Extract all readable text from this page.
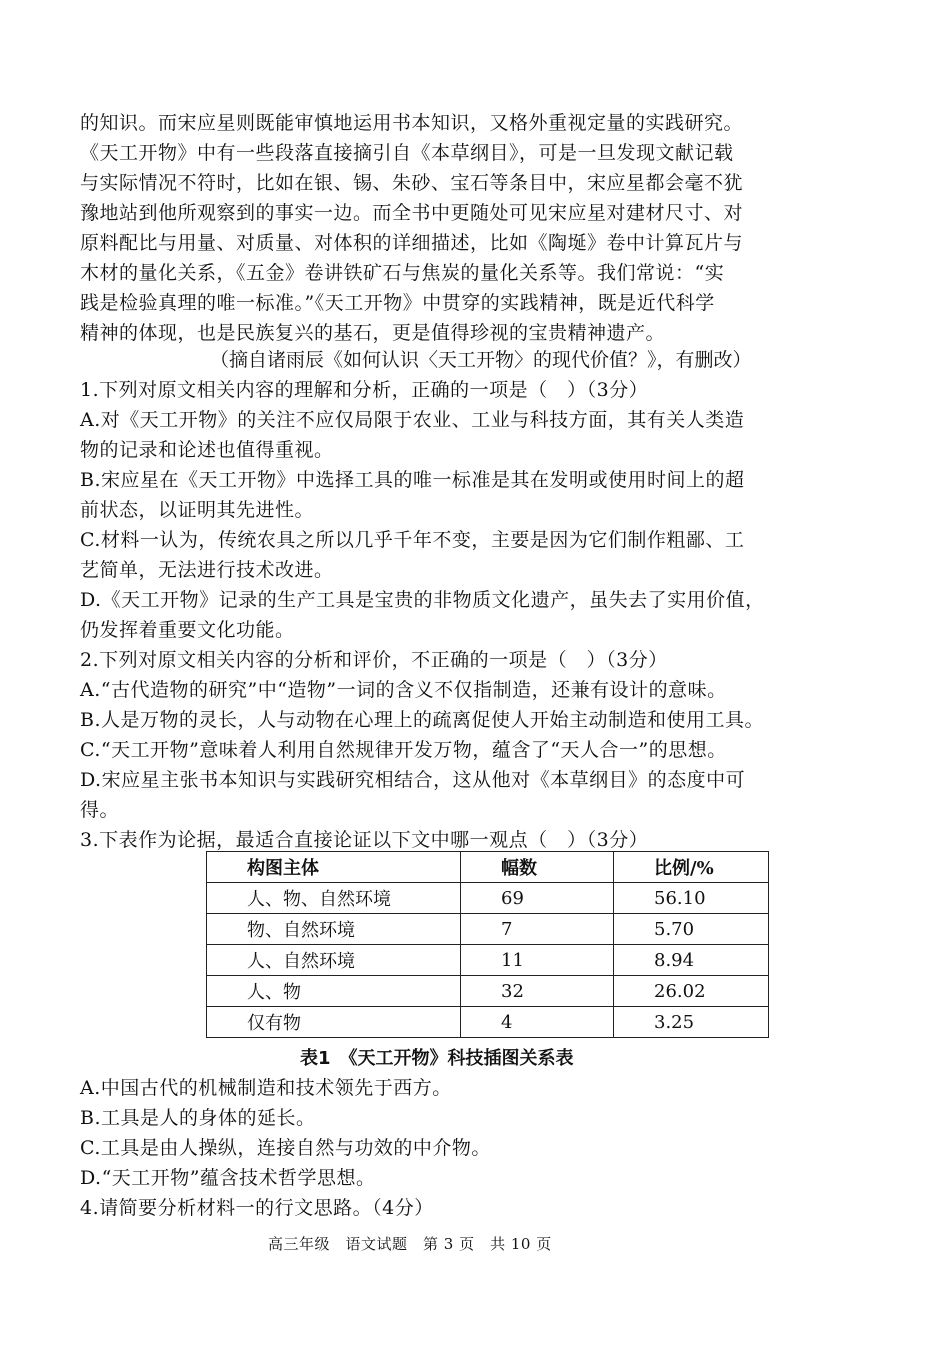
的知识。而宋应星则既能审慎地运用书本知识，又格外重视定量的实践研究。
《天工开物》中有一些段落直接摘引自《本草纲目》，可是一旦发现文献记载
与实际情况不符时，比如在银、锡、朱砂、宝石等条目中，宋应星都会毫不犹
豫地站到他所观察到的事实一边。而全书中更随处可见宋应星对建材尺寸、对
原料配比与用量、对质量、对体积的详细描述，比如《陶埏》卷中计算瓦片与
木材的量化关系，《五金》卷讲铁矿石与焦炭的量化关系等。我们常说：“实
践是检验真理的唯一标准。”《天工开物》中贯穿的实践精神，既是近代科学
精神的体现，也是民族复兴的基石，更是值得珍视的宝贵精神遗产。
（摘自诸雨辰《如何认识〈天工开物〉的现代价值？》，有删改）
1.下列对原文相关内容的理解和分析，正确的一项是（　）（3分）
A.对《天工开物》的关注不应仅局限于农业、工业与科技方面，其有关人类造
物的记录和论述也值得重视。
B.宋应星在《天工开物》中选择工具的唯一标准是其在发明或使用时间上的超
前状态，以证明其先进性。
C.材料一认为，传统农具之所以几乎千年不变，主要是因为它们制作粗鄙、工
艺简单，无法进行技术改进。
D.《天工开物》记录的生产工具是宝贵的非物质文化遗产，虽失去了实用价值，
仍发挥着重要文化功能。
2.下列对原文相关内容的分析和评价，不正确的一项是（　）（3分）
A.“古代造物的研究”中“造物”一词的含义不仅指制造，还兼有设计的意味。
B.人是万物的灵长，人与动物在心理上的疏离促使人开始主动制造和使用工具。
C.“天工开物”意味着人利用自然规律开发万物，蕴含了“天人合一”的思想。
D.宋应星主张书本知识与实践研究相结合，这从他对《本草纲目》的态度中可
得。
3.下表作为论据，最适合直接论证以下文中哪一观点（　）（3分）
构图主体	幅数	比例/%
人、物、自然环境	69	56.10
物、自然环境	7	5.70
人、自然环境	11	8.94
人、物	32	26.02
仅有物	4	3.25
表1　《天工开物》科技插图关系表
A.中国古代的机械制造和技术领先于西方。
B.工具是人的身体的延长。
C.工具是由人操纵，连接自然与功效的中介物。
D.“天工开物”蕴含技术哲学思想。
4.请简要分析材料一的行文思路。（4分）
高三年级　语文试题　第 3 页　共 10 页
